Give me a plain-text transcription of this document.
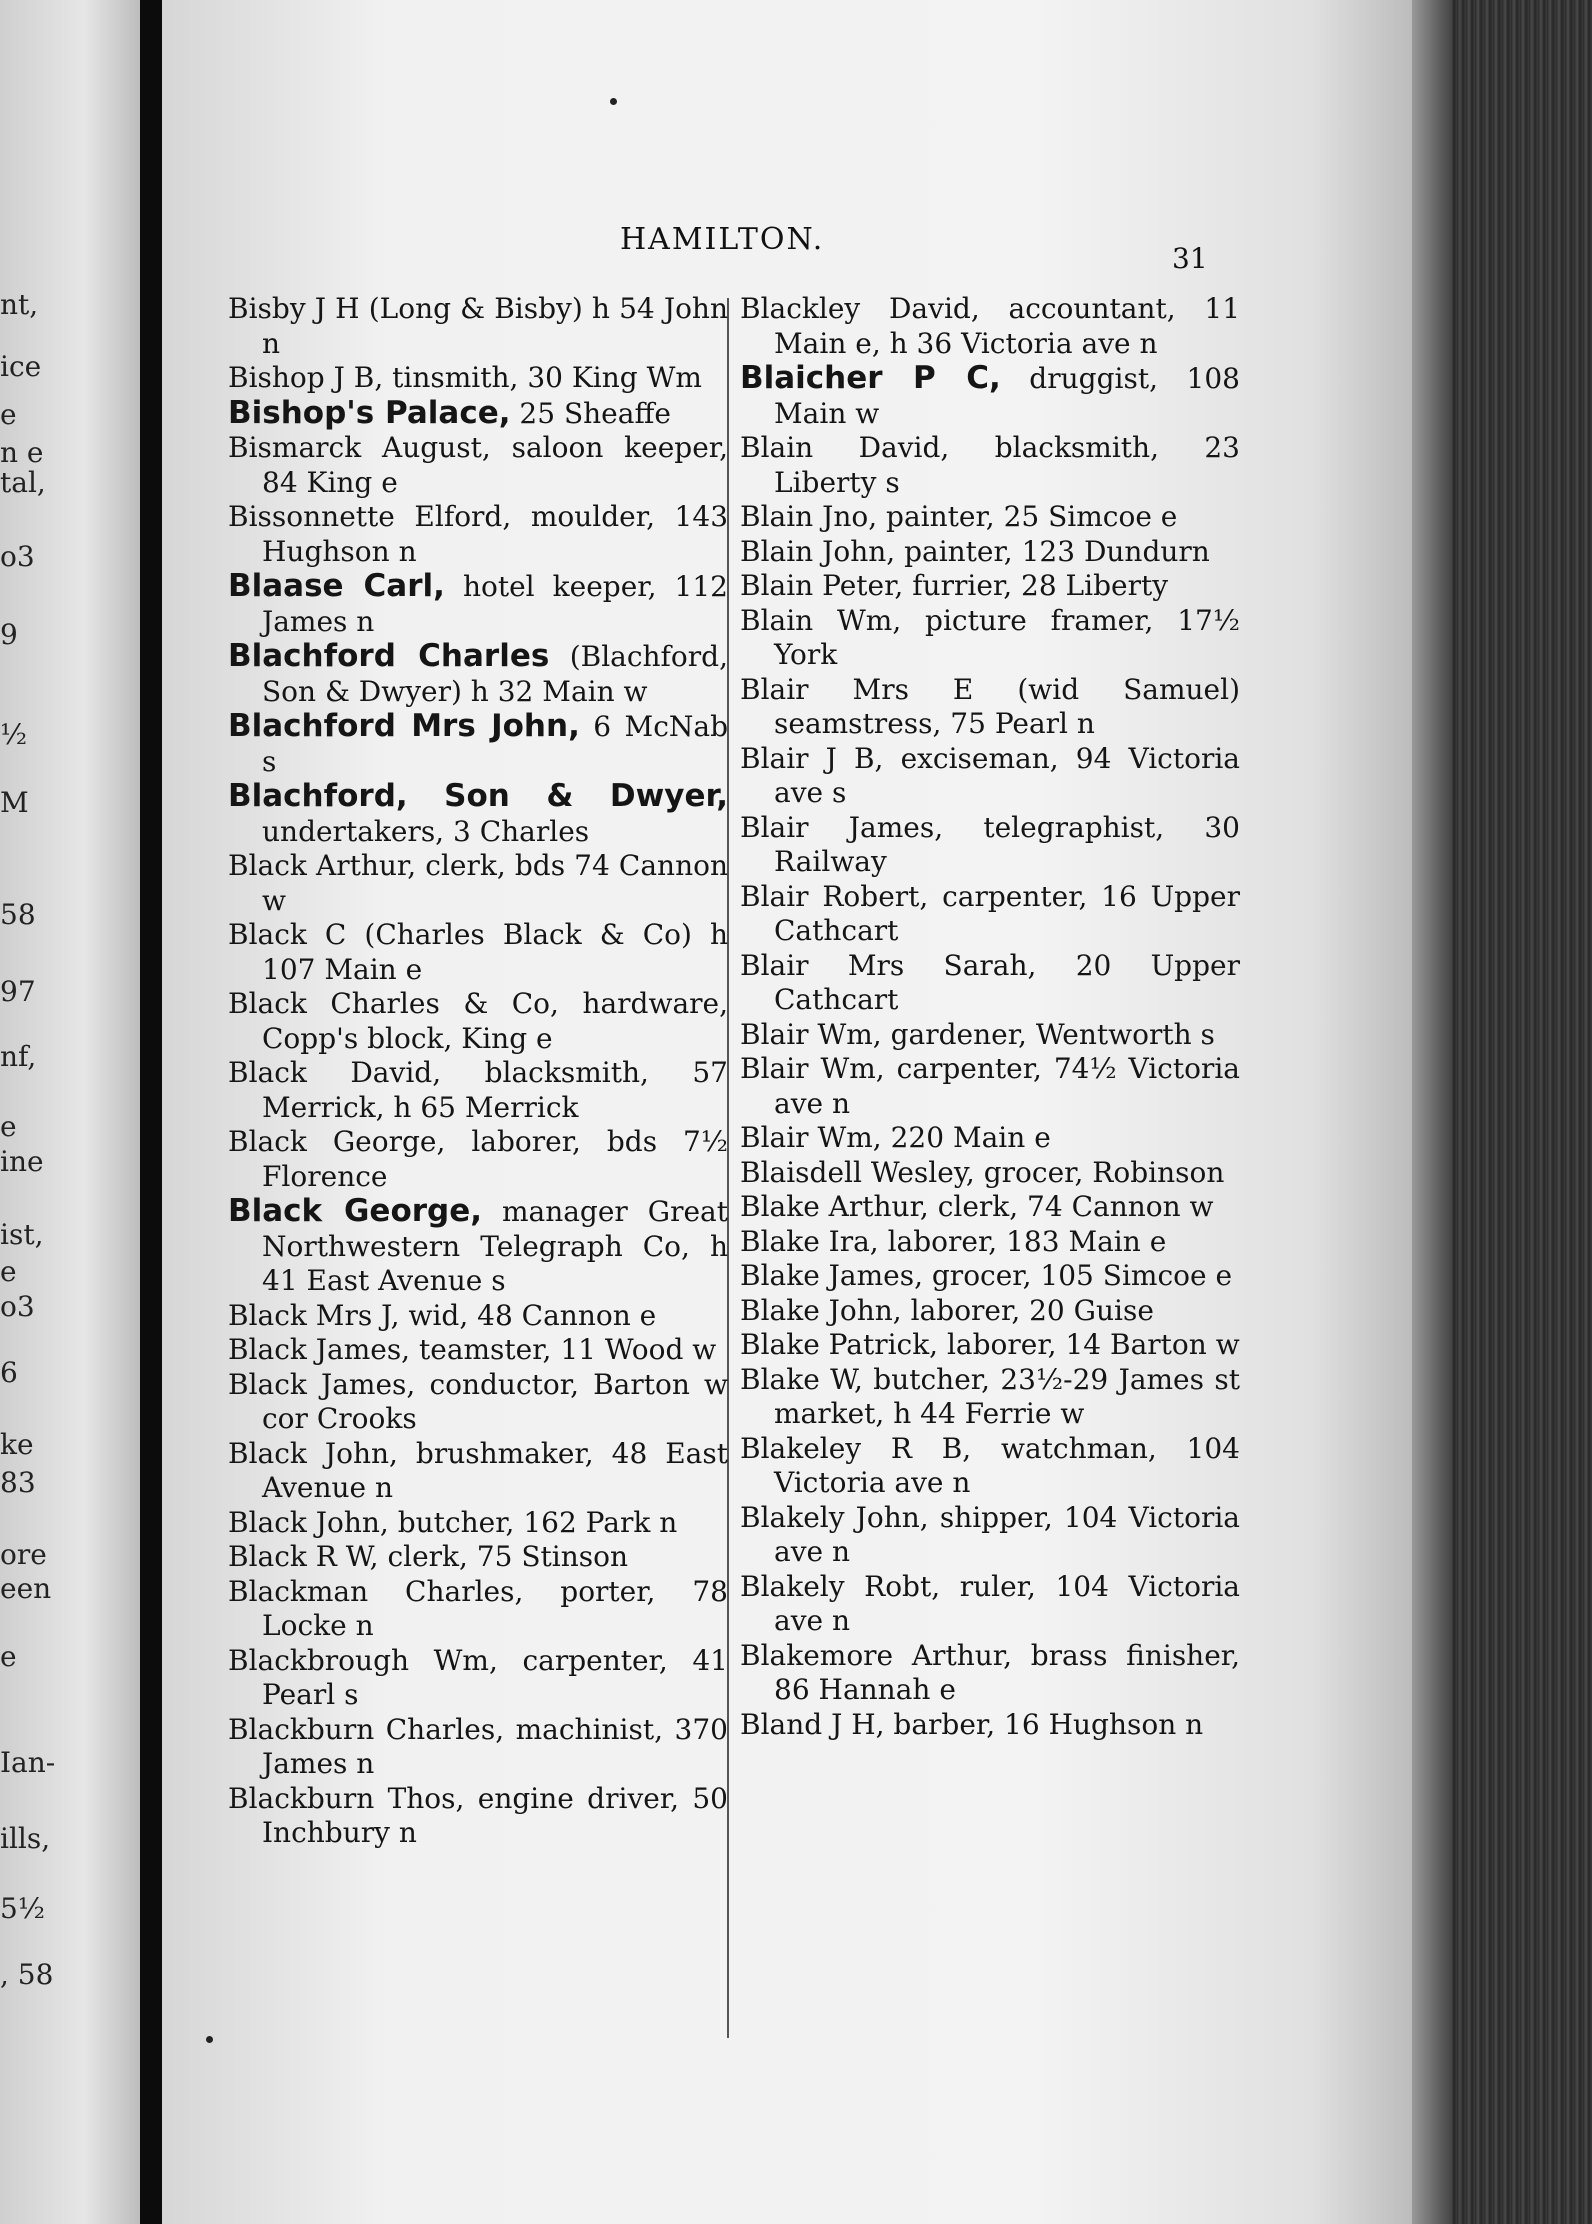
nt,
ice
e
n e
tal,
o3
9
½
M
58
97
nf,
e
ine
ist,
e
o3
6
ke
83
ore
een
e
Ian-
ills,
5½
, 58
HAMILTON.
31

Bisby J H (Long & Bisby) h 54 John n

Bishop J B, tinsmith, 30 King Wm

Bishop's Palace, 25 Sheaffe

Bismarck August, saloon keeper, 84 King e

Bissonnette Elford, moulder, 143 Hughson n

Blaase Carl, hotel keeper, 112 James n

Blachford Charles (Blachford, Son & Dwyer) h 32 Main w

Blachford Mrs John, 6 McNab s

Blachford, Son & Dwyer, undertakers, 3 Charles

Black Arthur, clerk, bds 74 Cannon w

Black C (Charles Black & Co) h 107 Main e

Black Charles & Co, hardware, Copp's block, King e

Black David, blacksmith, 57 Merrick, h 65 Merrick

Black George, laborer, bds 7½ Florence

Black George, manager Great Northwestern Telegraph Co, h 41 East Avenue s

Black Mrs J, wid, 48 Cannon e

Black James, teamster, 11 Wood w

Black James, conductor, Barton w cor Crooks

Black John, brushmaker, 48 East Avenue n

Black John, butcher, 162 Park n

Black R W, clerk, 75 Stinson

Blackman Charles, porter, 78 Locke n

Blackbrough Wm, carpenter, 41 Pearl s

Blackburn Charles, machinist, 370 James n

Blackburn Thos, engine driver, 50 Inchbury n

Blackley David, accountant, 11 Main e, h 36 Victoria ave n

Blaicher P C, druggist, 108 Main w

Blain David, blacksmith, 23 Liberty s

Blain Jno, painter, 25 Simcoe e

Blain John, painter, 123 Dundurn

Blain Peter, furrier, 28 Liberty

Blain Wm, picture framer, 17½ York

Blair Mrs E (wid Samuel) seamstress, 75 Pearl n

Blair J B, exciseman, 94 Victoria ave s

Blair James, telegraphist, 30 Railway

Blair Robert, carpenter, 16 Upper Cathcart

Blair Mrs Sarah, 20 Upper Cathcart

Blair Wm, gardener, Wentworth s

Blair Wm, carpenter, 74½ Victoria ave n

Blair Wm, 220 Main e

Blaisdell Wesley, grocer, Robinson

Blake Arthur, clerk, 74 Cannon w

Blake Ira, laborer, 183 Main e

Blake James, grocer, 105 Simcoe e

Blake John, laborer, 20 Guise

Blake Patrick, laborer, 14 Barton w

Blake W, butcher, 23½-29 James st market, h 44 Ferrie w

Blakeley R B, watchman, 104 Victoria ave n

Blakely John, shipper, 104 Victoria ave n

Blakely Robt, ruler, 104 Victoria ave n

Blakemore Arthur, brass finisher, 86 Hannah e

Bland J H, barber, 16 Hughson n
